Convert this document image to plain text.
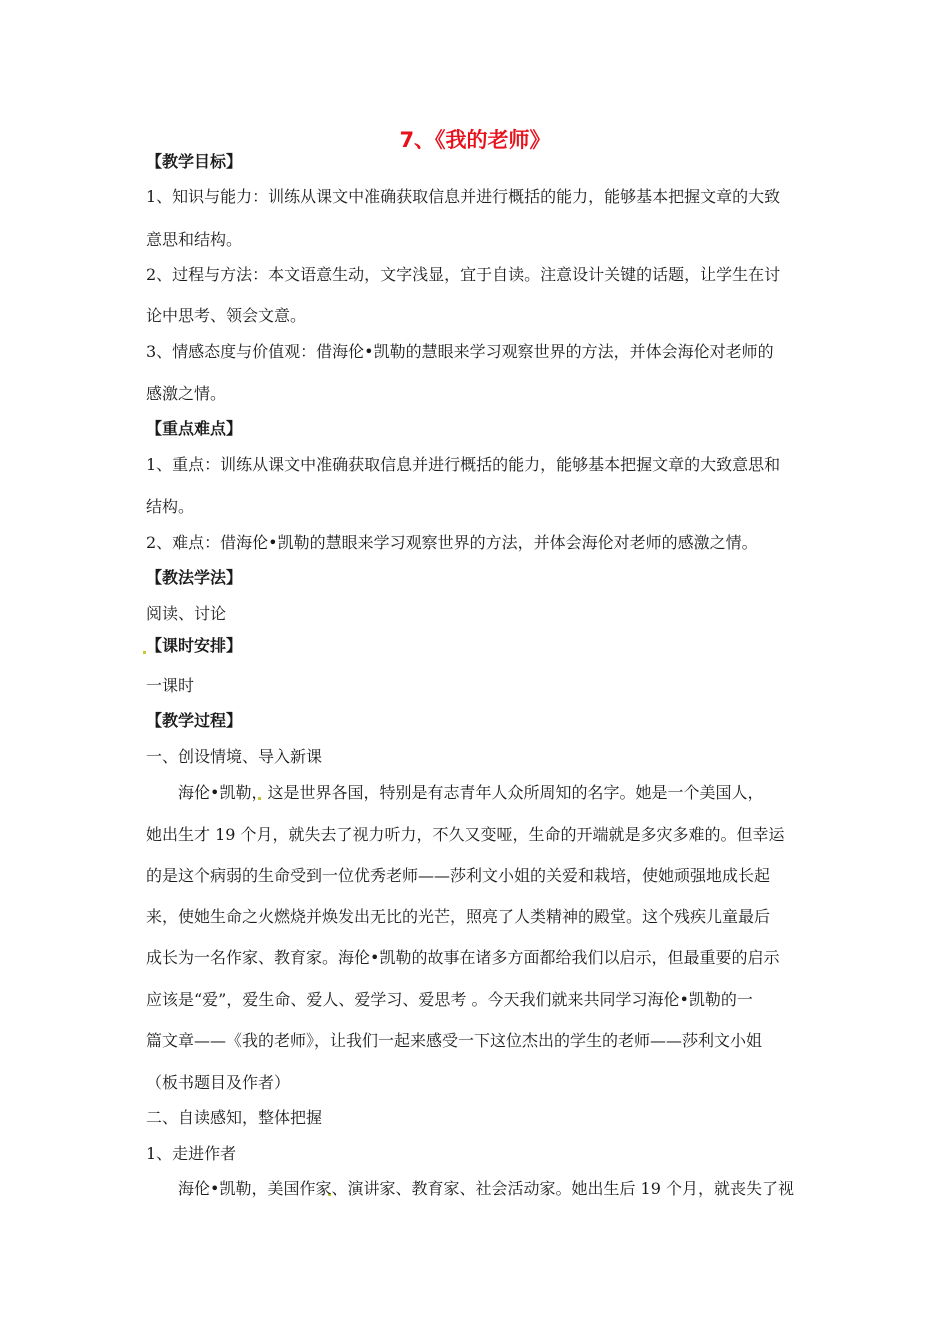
7、《我的老师》
【教学目标】
1、知识与能力：训练从课文中准确获取信息并进行概括的能力，能够基本把握文章的大致
意思和结构。
2、过程与方法：本文语意生动，文字浅显，宜于自读。注意设计关键的话题，让学生在讨
论中思考、领会文意。
3、情感态度与价值观：借海伦•凯勒的慧眼来学习观察世界的方法，并体会海伦对老师的
感激之情。
【重点难点】
1、重点：训练从课文中准确获取信息并进行概括的能力，能够基本把握文章的大致意思和
结构。
2、难点：借海伦•凯勒的慧眼来学习观察世界的方法，并体会海伦对老师的感激之情。
【教法学法】
阅读、讨论
【课时安排】
一课时
【教学过程】
一、创设情境、导入新课
海伦•凯勒，这是世界各国，特别是有志青年人众所周知的名字。她是一个美国人，
她出生才 19 个月，就失去了视力听力，不久又变哑，生命的开端就是多灾多难的。但幸运
的是这个病弱的生命受到一位优秀老师——莎利文小姐的关爱和栽培，使她顽强地成长起
来，使她生命之火燃烧并焕发出无比的光芒，照亮了人类精神的殿堂。这个残疾儿童最后
成长为一名作家、教育家。海伦•凯勒的故事在诸多方面都给我们以启示，但最重要的启示
应该是“爱”，爱生命、爱人、爱学习、爱思考 。今天我们就来共同学习海伦•凯勒的一
篇文章——《我的老师》，让我们一起来感受一下这位杰出的学生的老师——莎利文小姐
（板书题目及作者）
二、自读感知，整体把握
1、走进作者
海伦•凯勒，美国作家、演讲家、教育家、社会活动家。她出生后 19 个月，就丧失了视
